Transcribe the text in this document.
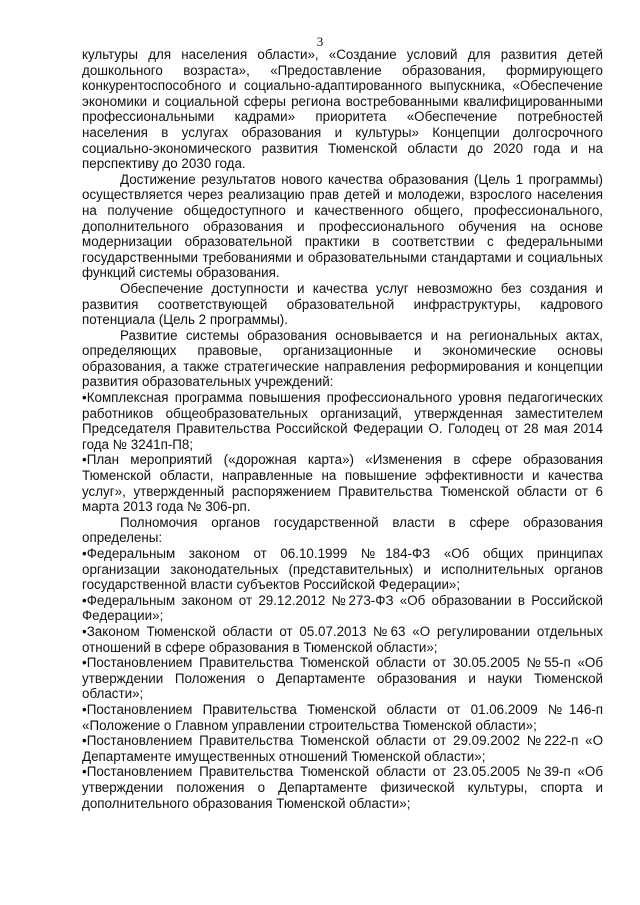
3

культуры для населения области», «Создание условий для развития детей дошкольного возраста», «Предоставление образования, формирующего конкурентоспособного и социально-адаптированного выпускника, «Обеспечение экономики и социальной сферы региона востребованными квалифицированными профессиональными кадрами» приоритета «Обеспечение потребностей населения в услугах образования и культуры» Концепции долгосрочного социально-экономического развития Тюменской области до 2020 года и на перспективу до 2030 года.

Достижение результатов нового качества образования (Цель 1 программы) осуществляется через реализацию прав детей и молодежи, взрослого населения на получение общедоступного и качественного общего, профессионального, дополнительного образования и профессионального обучения на основе модернизации образовательной практики в соответствии с федеральными государственными требованиями и образовательными стандартами и социальных функций системы образования.

Обеспечение доступности и качества услуг невозможно без создания и развития соответствующей образовательной инфраструктуры, кадрового потенциала (Цель 2 программы).

Развитие системы образования основывается и на региональных актах, определяющих правовые, организационные и экономические основы образования, а также стратегические направления реформирования и концепции развития образовательных учреждений:

•Комплексная программа повышения профессионального уровня педагогических работников общеобразовательных организаций, утвержденная заместителем Председателя Правительства Российской Федерации О. Голодец от 28 мая 2014 года № 3241п-П8;

•План мероприятий («дорожная карта») «Изменения в сфере образования Тюменской области, направленные на повышение эффективности и качества услуг», утвержденный распоряжением Правительства Тюменской области от 6 марта 2013 года № 306-рп.

Полномочия органов государственной власти в сфере образования определены:

•Федеральным законом от 06.10.1999 №184-ФЗ «Об общих принципах организации законодательных (представительных) и исполнительных органов государственной власти субъектов Российской Федерации»;

•Федеральным законом от 29.12.2012 №273-ФЗ «Об образовании в Российской Федерации»;

•Законом Тюменской области от 05.07.2013 №63 «О регулировании отдельных отношений в сфере образования в Тюменской области»;

•Постановлением Правительства Тюменской области от 30.05.2005 №55-п «Об утверждении Положения о Департаменте образования и науки Тюменской области»;

•Постановлением Правительства Тюменской области от 01.06.2009 №146-п «Положение о Главном управлении строительства Тюменской области»;

•Постановлением Правительства Тюменской области от 29.09.2002 №222-п «О Департаменте имущественных отношений Тюменской области»;

•Постановлением Правительства Тюменской области от 23.05.2005 №39-п «Об утверждении положения о Департаменте физической культуры, спорта и дополнительного образования Тюменской области»;
